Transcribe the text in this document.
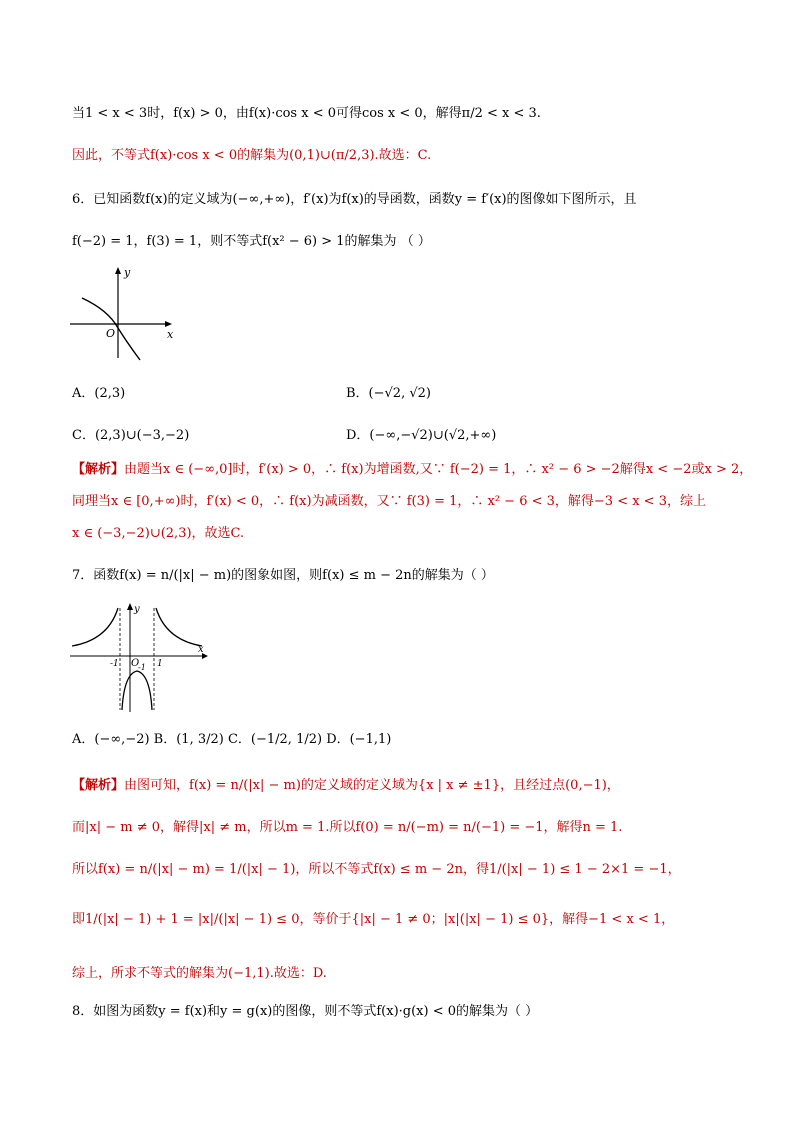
当1 < x < 3时，f(x) > 0，由f(x)·cos x < 0可得cos x < 0，解得π/2 < x < 3.
因此，不等式f(x)·cos x < 0的解集为(0,1)∪(π/2,3).故选：C.
6．已知函数f(x)的定义域为(−∞,+∞)，f′(x)为f(x)的导函数，函数y = f′(x)的图像如下图所示，且
f(−2) = 1，f(3) = 1，则不等式f(x² − 6) > 1的解集为 （ ）
x
y
O
A．(2,3)	B．(−√2, √2)
C．(2,3)∪(−3,−2)	D．(−∞,−√2)∪(√2,+∞)
【解析】由题当x ∈ (−∞,0]时，f′(x) > 0，∴ f(x)为增函数,又∵ f(−2) = 1，∴ x² − 6 > −2解得x < −2或x > 2，
同理当x ∈ [0,+∞)时，f′(x) < 0，∴ f(x)为减函数，又∵ f(3) = 1，∴ x² − 6 < 3，解得−3 < x < 3，综上
x ∈ (−3,−2)∪(2,3)，故选C.
7．函数f(x) = n/(|x| − m)的图象如图，则f(x) ≤ m − 2n的解集为（ ）
x
y
O
-1	1
-1
A．(−∞,−2) B．(1, 3/2) C．(−1/2, 1/2) D．(−1,1)
【解析】由图可知，f(x) = n/(|x| − m)的定义域的定义域为{x | x ≠ ±1}，且经过点(0,−1)，
而|x| − m ≠ 0，解得|x| ≠ m，所以m = 1.所以f(0) = n/(−m) = n/(−1) = −1，解得n = 1.
所以f(x) = n/(|x| − m) = 1/(|x| − 1)，所以不等式f(x) ≤ m − 2n，得1/(|x| − 1) ≤ 1 − 2×1 = −1，
即1/(|x| − 1) + 1 = |x|/(|x| − 1) ≤ 0，等价于{|x| − 1 ≠ 0；|x|(|x| − 1) ≤ 0}，解得−1 < x < 1，
综上，所求不等式的解集为(−1,1).故选：D.
8．如图为函数y = f(x)和y = g(x)的图像，则不等式f(x)·g(x) < 0的解集为（ ）
